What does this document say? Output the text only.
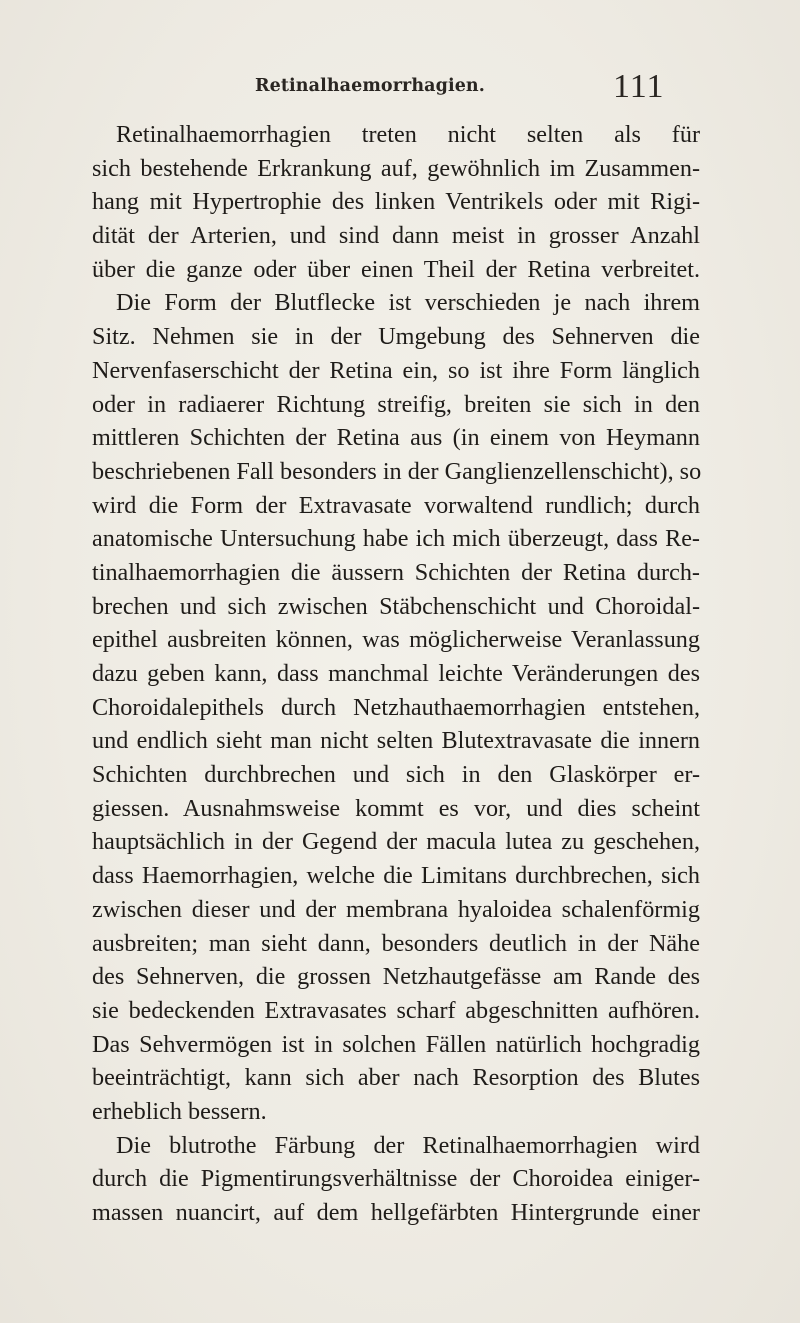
Retinalhaemorrhagien.	111
Retinalhaemorrhagien treten nicht selten als für
sich bestehende Erkrankung auf, gewöhnlich im Zusammen-
hang mit Hypertrophie des linken Ventrikels oder mit Rigi-
dität der Arterien, und sind dann meist in grosser Anzahl
über die ganze oder über einen Theil der Retina verbreitet.
Die Form der Blutflecke ist verschieden je nach ihrem
Sitz. Nehmen sie in der Umgebung des Sehnerven die
Nervenfaserschicht der Retina ein, so ist ihre Form länglich
oder in radiaerer Richtung streifig, breiten sie sich in den
mittleren Schichten der Retina aus (in einem von Heymann
beschriebenen Fall besonders in der Ganglienzellenschicht), so
wird die Form der Extravasate vorwaltend rundlich; durch
anatomische Untersuchung habe ich mich überzeugt, dass Re-
tinalhaemorrhagien die äussern Schichten der Retina durch-
brechen und sich zwischen Stäbchenschicht und Choroidal-
epithel ausbreiten können, was möglicherweise Veranlassung
dazu geben kann, dass manchmal leichte Veränderungen des
Choroidalepithels durch Netzhauthaemorrhagien entstehen,
und endlich sieht man nicht selten Blutextravasate die innern
Schichten durchbrechen und sich in den Glaskörper er-
giessen. Ausnahmsweise kommt es vor, und dies scheint
hauptsächlich in der Gegend der macula lutea zu geschehen,
dass Haemorrhagien, welche die Limitans durchbrechen, sich
zwischen dieser und der membrana hyaloidea schalenförmig
ausbreiten; man sieht dann, besonders deutlich in der Nähe
des Sehnerven, die grossen Netzhautgefässe am Rande des
sie bedeckenden Extravasates scharf abgeschnitten aufhören.
Das Sehvermögen ist in solchen Fällen natürlich hochgradig
beeinträchtigt, kann sich aber nach Resorption des Blutes
erheblich bessern.
Die blutrothe Färbung der Retinalhaemorrhagien wird
durch die Pigmentirungsverhältnisse der Choroidea einiger-
massen nuancirt, auf dem hellgefärbten Hintergrunde einer
